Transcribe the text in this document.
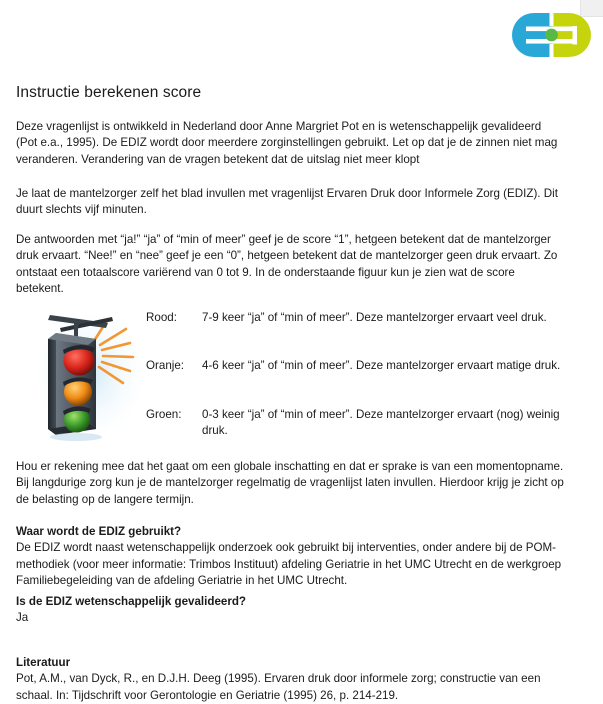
Instructie berekenen score
Deze vragenlijst is ontwikkeld in Nederland door Anne Margriet Pot en is wetenschappelijk gevalideerd (Pot e.a., 1995). De EDIZ wordt door meerdere zorginstellingen gebruikt. Let op dat je de zinnen niet mag veranderen. Verandering van de vragen betekent dat de uitslag niet meer klopt
Je laat de mantelzorger zelf het blad invullen met vragenlijst Ervaren Druk door Informele Zorg (EDIZ). Dit duurt slechts vijf minuten.
De antwoorden met “ja!” “ja” of “min of meer” geef je de score “1”, hetgeen betekent dat de mantelzorger druk ervaart. “Nee!” en “nee” geef je een “0”, hetgeen betekent dat de mantelzorger geen druk ervaart. Zo ontstaat een totaalscore variërend van 0 tot 9. In de onderstaande figuur kun je zien wat de score betekent.
Rood:	7-9 keer “ja” of “min of meer”. Deze mantelzorger ervaart veel druk.
Oranje:	4-6 keer “ja” of “min of meer”. Deze mantelzorger ervaart matige druk.
Groen:	0-3 keer “ja” of “min of meer”. Deze mantelzorger ervaart (nog) weinig druk.
Hou er rekening mee dat het gaat om een globale inschatting en dat er sprake is van een momentopname. Bij langdurige zorg kun je de mantelzorger regelmatig de vragenlijst laten invullen. Hierdoor krijg je zicht op de belasting op de langere termijn.
Waar wordt de EDIZ gebruikt?

De EDIZ wordt naast wetenschappelijk onderzoek ook gebruikt bij interventies, onder andere bij de POM-methodiek (voor meer informatie: Trimbos Instituut) afdeling Geriatrie in het UMC Utrecht en de werkgroep Familiebegeleiding van de afdeling Geriatrie in het UMC Utrecht.

Is de EDIZ wetenschappelijk gevalideerd?

Ja

Literatuur

Pot, A.M., van Dyck, R., en D.J.H. Deeg (1995). Ervaren druk door informele zorg; constructie van een schaal. In: Tijdschrift voor Gerontologie en Geriatrie (1995) 26, p. 214-219.
